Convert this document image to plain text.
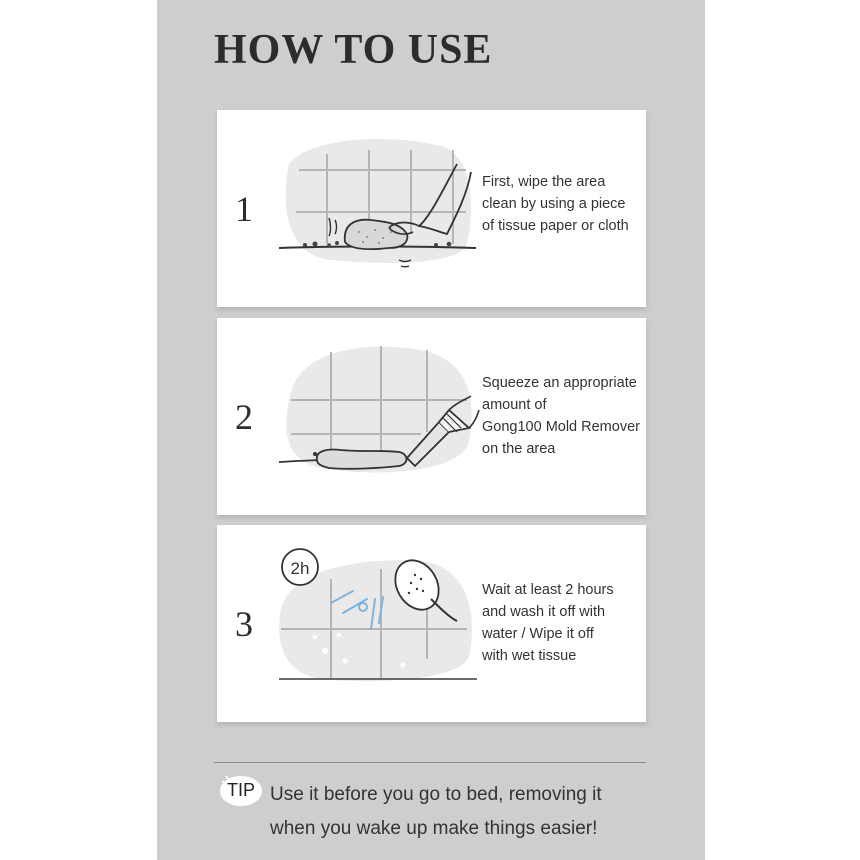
HOW TO USE
1
First, wipe the area
clean by using a piece
of tissue paper or cloth
2
Squeeze an appropriate
amount of
Gong100 Mold Remover
on the area
3
2h
Wait at least 2 hours
and wash it off with
water / Wipe it off
with wet tissue
TIP Use it before you go to bed, removing it
when you wake up make things easier!
